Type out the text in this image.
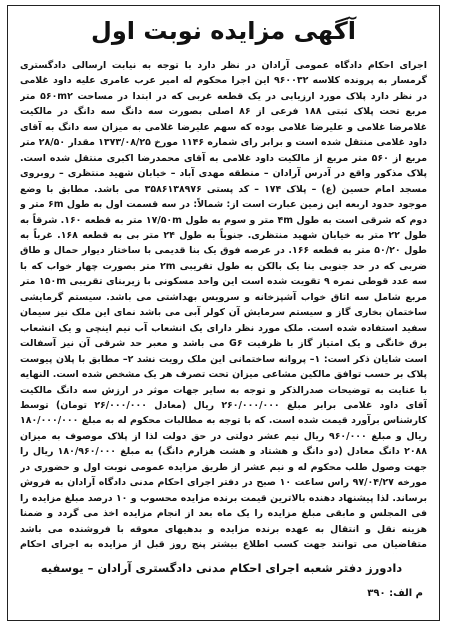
آگهی مزایده نوبت اول
اجرای احکام دادگاه عمومی آرادان در نظر دارد با توجه به نیابت ارسالی دادگستری گرمسار به پرونده کلاسه ۹۶۰۰۳۲ این اجرا محکوم له امیر عرب عامری علیه داود غلامی در نظر دارد پلاک مورد ارزیابی در یک قطعه غربی که در ابتدا در مساحت ۵۶۰m۲ متر مربع تحت پلاک ثبتی ۱۸۸ فرعی از ۸۶ اصلی بصورت سه دانگ سه دانگ در مالکیت غلامرضا غلامی و علیرضا غلامی بوده که سهم علیرضا غلامی به میزان سه دانگ به آقای داود غلامی منتقل شده است و برابر رای شماره ۱۱۴۶ مورخ ۱۳۷۳/۰۸/۲۵ مقدار ۲۸/۵۰ متر مربع از ۵۶۰ متر مربع از مالکیت داود غلامی به آقای محمدرضا اکبری منتقل شده است. پلاک مذکور واقع در آدرس آرادان – منطقه مهدی آباد – خیابان شهید منتظری – روبروی مسجد امام حسین (ع) – پلاک ۱۷۴ – کد پستی ۳۵۸۶۱۳۸۹۷۶ می باشد. مطابق با وضع موجود حدود اربعه این زمین عبارت است از: شمالاً: در سه قسمت اول به طول ۶m متر و دوم که شرقی است به طول ۴m متر و سوم به طول ۱۷/۵۰m متر به قطعه ۱۶۰. شرقاً به طول ۲۲ متر به خیابان شهید منتظری. جنوباً به طول ۲۴ متر بی به قطعه ۱۶۸. غرباً به طول ۵۰/۲۰ متر به قطعه ۱۶۶. در عرصه فوق یک بنا قدیمی با ساختار دیوار حمال و طاق ضربی که در حد جنوبی بنا یک بالکن به طول تقریبی ۲m متر بصورت چهار خواب که با سه عدد قوطی نمره ۹ تقویت شده است این واحد مسکونی با زیربنای تقریبی ۱۵۰m متر مربع شامل سه اتاق خواب آشپزخانه و سرویس بهداشتی می باشد. سیستم گرمایشی ساختمان بخاری گاز و سیستم سرمایش آن کولر آبی می باشد نمای این ملک نیز سیمان سفید استفاده شده است. ملک مورد نظر دارای یک انشعاب آب نیم اینچی و یک انشعاب برق خانگی و یک امتیاز گاز با ظرفیت G۶ می باشد و معبر حد شرقی آن نیز آسفالت است شایان ذکر است: ۱– پروانه ساختمانی این ملک رویت نشد ۲– مطابق با پلان پیوست پلاک بر حسب توافق مالکین مشاعی میزان تحت تصرف هر یک مشخص شده است. النهایه با عنایت به توضیحات صدرالذکر و توجه به سایر جهات موثر در ارزش سه دانگ مالکیت آقای داود غلامی برابر مبلغ ۲۶۰/۰۰۰/۰۰۰ ریال (معادل ۲۶/۰۰۰/۰۰۰ تومان) توسط کارشناس برآورد قیمت شده است. که با توجه به مطالبات محکوم له به مبلغ ۱۸۰/۰۰۰/۰۰۰ ریال و مبلغ ۹۶۰/۰۰۰ ریال نیم عشر دولتی در حق دولت لذا از پلاک موصوف به میزان ۲۰۸۸ دانگ معادل (دو دانگ و هشتاد و هشت هزارم دانگ) به مبلغ ۱۸۰/۹۶۰/۰۰۰ ریال را جهت وصول طلب محکوم له و نیم عشر از طریق مزایده عمومی نوبت اول و حضوری در مورخه ۹۷/۰۴/۲۷ راس ساعت ۱۰ صبح در دفتر اجرای احکام مدنی دادگاه آرادان به فروش برساند. لذا پیشنهاد دهنده بالاترین قیمت برنده مزایده محسوب و ۱۰ درصد مبلغ مزایده را فی المجلس و مابقی مبلغ مزایده را یک ماه بعد از انجام مزایده اخذ می گردد و ضمنا هزینه نقل و انتقال به عهده برنده مزایده و بدهیهای معوقه با فروشنده می باشد متقاضیان می توانند جهت کسب اطلاع بیشتر پنج روز قبل از مزایده به اجرای احکام
دادورز دفتر شعبه اجرای احکام مدنی دادگستری آرادان – یوسفیه
م الف: ۳۹۰
